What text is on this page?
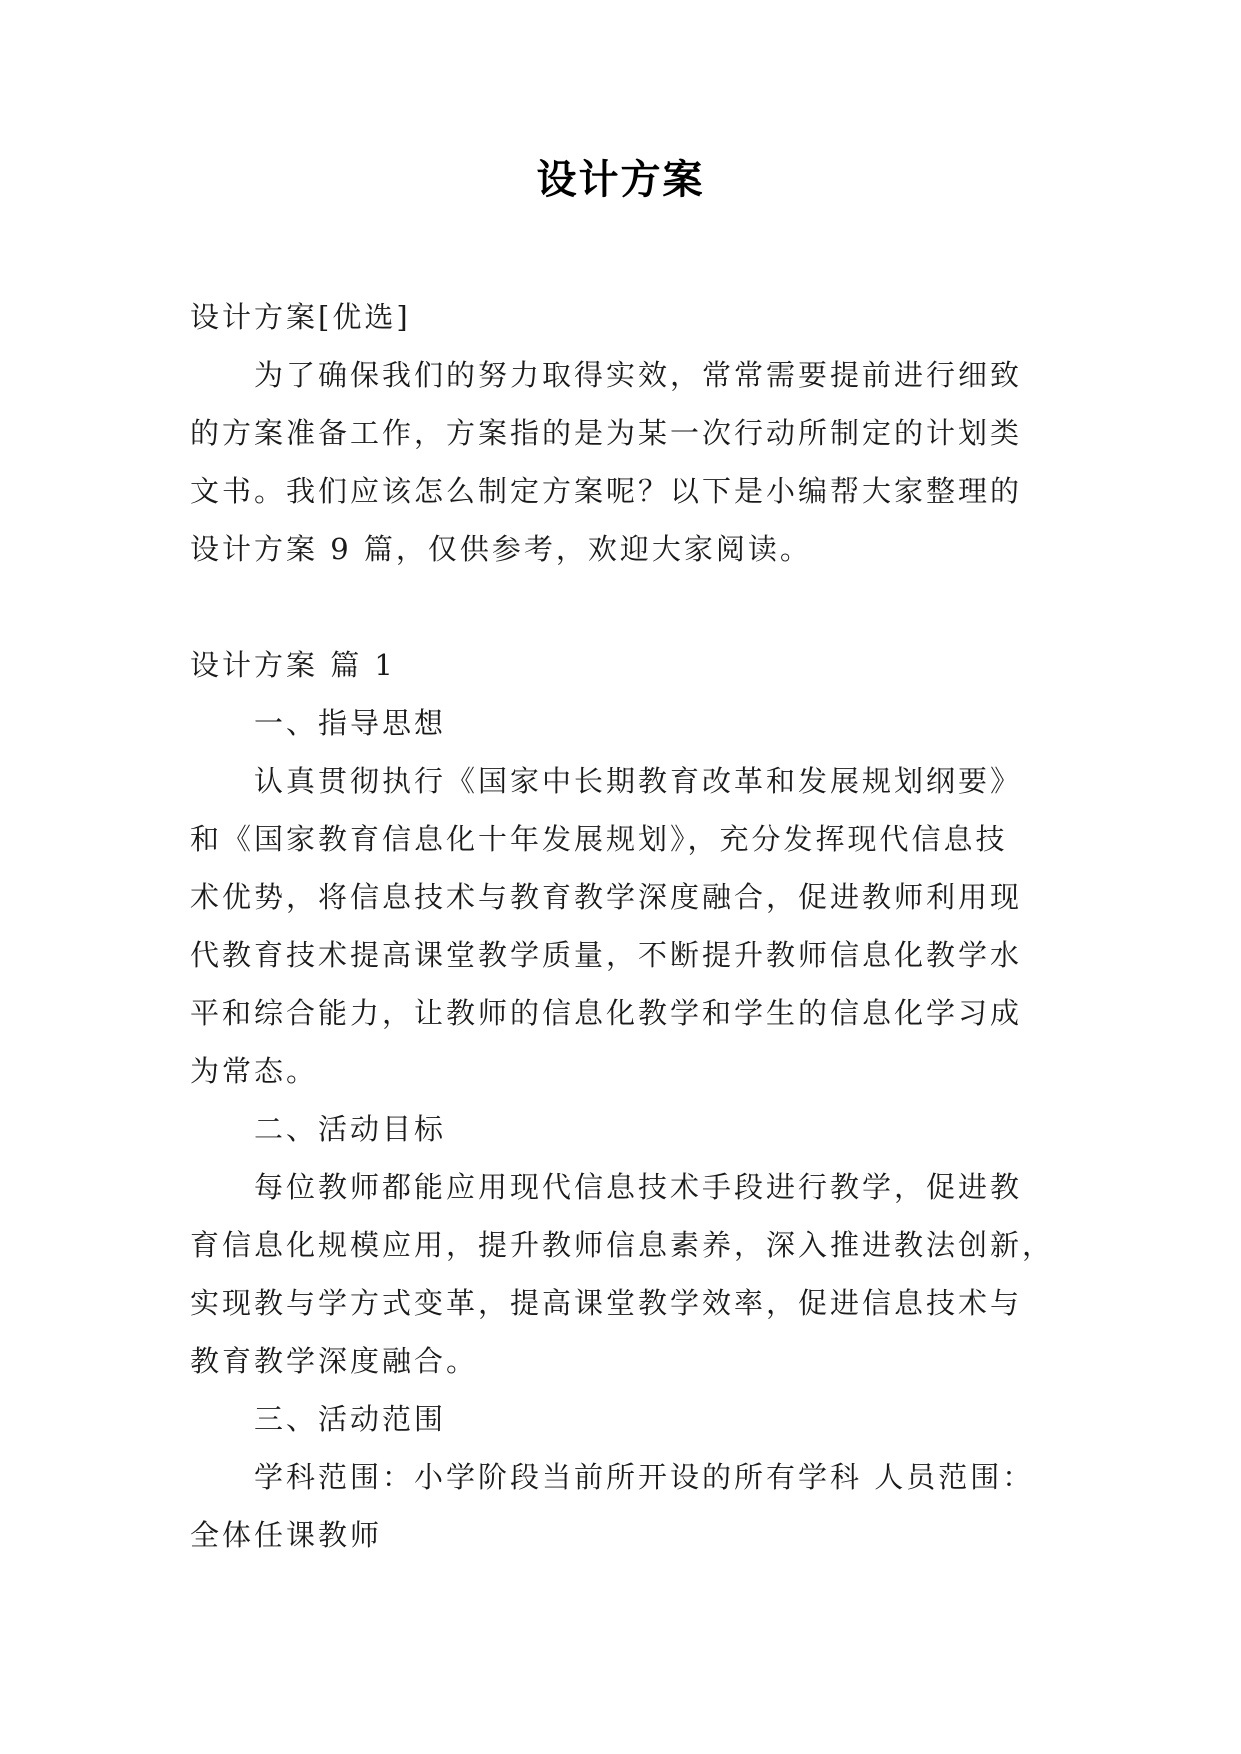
设计方案
设计方案[优选]
为了确保我们的努力取得实效，常常需要提前进行细致
的方案准备工作，方案指的是为某一次行动所制定的计划类
文书。我们应该怎么制定方案呢？以下是小编帮大家整理的
设计方案 9 篇，仅供参考，欢迎大家阅读。
设计方案 篇 1
一、指导思想
认真贯彻执行《国家中长期教育改革和发展规划纲要》
和《国家教育信息化十年发展规划》，充分发挥现代信息技
术优势，将信息技术与教育教学深度融合，促进教师利用现
代教育技术提高课堂教学质量，不断提升教师信息化教学水
平和综合能力，让教师的信息化教学和学生的信息化学习成
为常态。
二、活动目标
每位教师都能应用现代信息技术手段进行教学，促进教
育信息化规模应用，提升教师信息素养，深入推进教法创新，
实现教与学方式变革，提高课堂教学效率，促进信息技术与
教育教学深度融合。
三、活动范围
学科范围：小学阶段当前所开设的所有学科 人员范围：
全体任课教师
